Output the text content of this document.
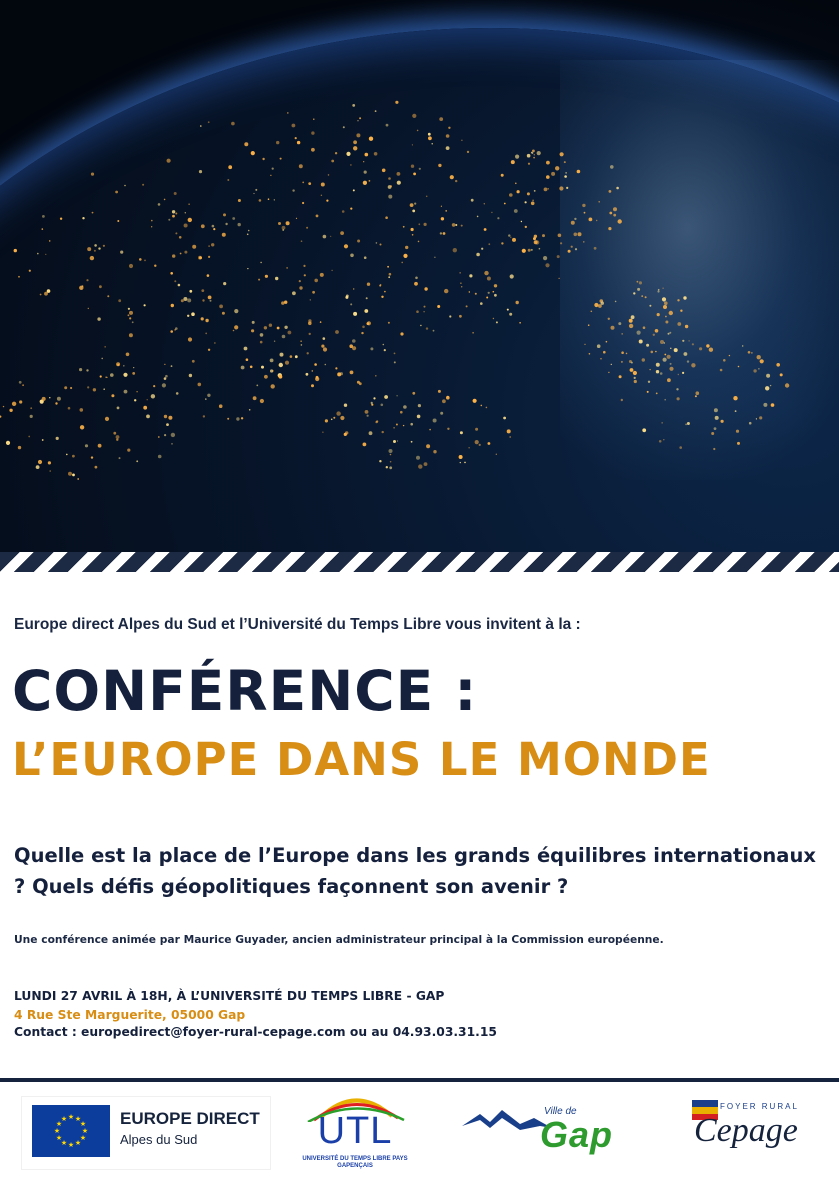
Europe direct Alpes du Sud et l’Université du Temps Libre vous invitent à la :
CONFÉRENCE :
L’EUROPE DANS LE MONDE
Quelle est la place de l’Europe dans les grands équilibres internationaux ? Quels défis géopolitiques façonnent son avenir ?
Une conférence animée par Maurice Guyader, ancien administrateur principal à la Commission européenne.
LUNDI 27 AVRIL À 18H, À L’UNIVERSITÉ DU TEMPS LIBRE - GAP
4 Rue Ste Marguerite, 05000 Gap
Contact : europedirect@foyer-rural-cepage.com ou au 04.93.03.31.15
★ ★
★
★
★
★
★
★
★
★
★
★	EUROPE DIRECT
Alpes du Sud	UTL
UNIVERSITÉ DU TEMPS LIBRE PAYS GAPENÇAIS
Ville de
Gap
FOYER RURAL
Cepage
